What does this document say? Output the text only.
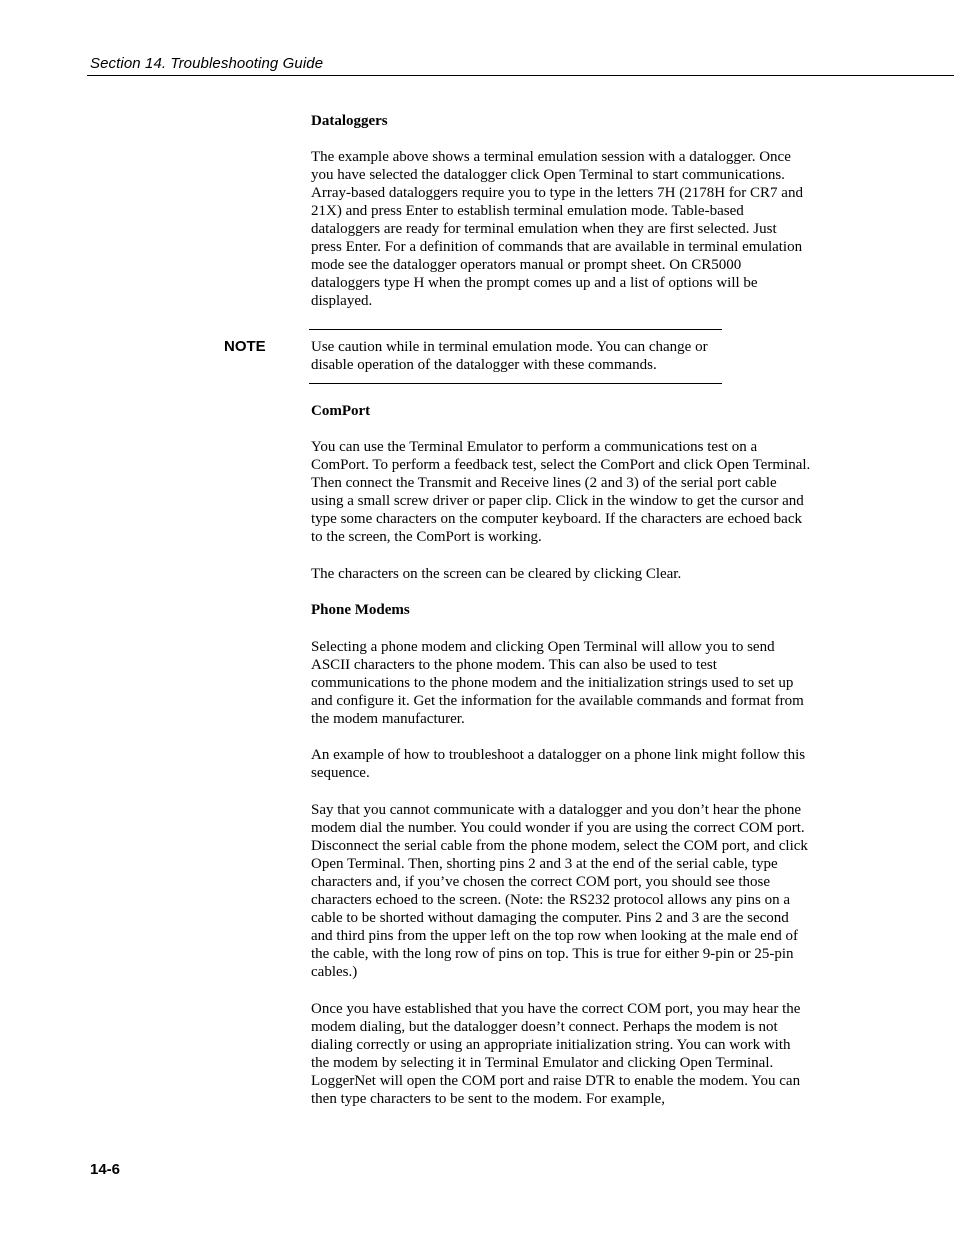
Section 14. Troubleshooting Guide

Dataloggers

The example above shows a terminal emulation session with a datalogger. Once you have selected the datalogger click Open Terminal to start communications. Array-based dataloggers require you to type in the letters 7H (2178H for CR7 and 21X) and press Enter to establish terminal emulation mode. Table-based dataloggers are ready for terminal emulation when they are first selected. Just press Enter. For a definition of commands that are available in terminal emulation mode see the datalogger operators manual or prompt sheet. On CR5000 dataloggers type H when the prompt comes up and a list of options will be displayed.

NOTE	Use caution while in terminal emulation mode. You can change or disable operation of the datalogger with these commands.

ComPort

You can use the Terminal Emulator to perform a communications test on a ComPort. To perform a feedback test, select the ComPort and click Open Terminal. Then connect the Transmit and Receive lines (2 and 3) of the serial port cable using a small screw driver or paper clip. Click in the window to get the cursor and type some characters on the computer keyboard. If the characters are echoed back to the screen, the ComPort is working.

The characters on the screen can be cleared by clicking Clear.

Phone Modems

Selecting a phone modem and clicking Open Terminal will allow you to send ASCII characters to the phone modem. This can also be used to test communications to the phone modem and the initialization strings used to set up and configure it. Get the information for the available commands and format from the modem manufacturer.

An example of how to troubleshoot a datalogger on a phone link might follow this sequence.

Say that you cannot communicate with a datalogger and you don’t hear the phone modem dial the number. You could wonder if you are using the correct COM port. Disconnect the serial cable from the phone modem, select the COM port, and click Open Terminal. Then, shorting pins 2 and 3 at the end of the serial cable, type characters and, if you’ve chosen the correct COM port, you should see those characters echoed to the screen. (Note: the RS232 protocol allows any pins on a cable to be shorted without damaging the computer. Pins 2 and 3 are the second and third pins from the upper left on the top row when looking at the male end of the cable, with the long row of pins on top. This is true for either 9-pin or 25-pin cables.)

Once you have established that you have the correct COM port, you may hear the modem dialing, but the datalogger doesn’t connect. Perhaps the modem is not dialing correctly or using an appropriate initialization string. You can work with the modem by selecting it in Terminal Emulator and clicking Open Terminal. LoggerNet will open the COM port and raise DTR to enable the modem. You can then type characters to be sent to the modem. For example,

14-6
